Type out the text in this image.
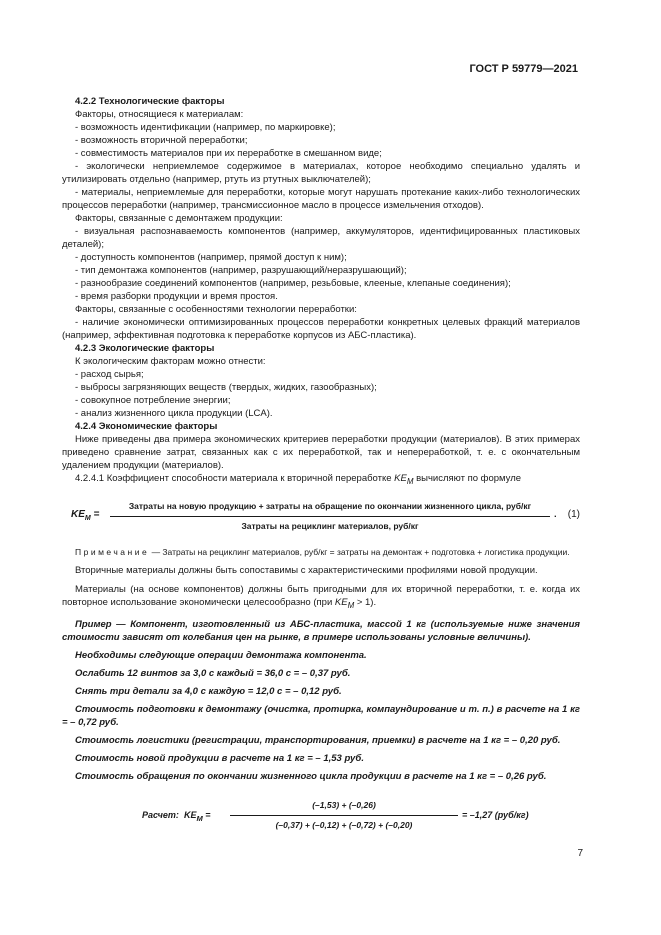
ГОСТ Р 59779—2021

4.2.2 Технологические факторы

Факторы, относящиеся к материалам:

- возможность идентификации (например, по маркировке);

- возможность вторичной переработки;

- совместимость материалов при их переработке в смешанном виде;

- экологически неприемлемое содержимое в материалах, которое необходимо специально удалять и утилизировать отдельно (например, ртуть из ртутных выключателей);

- материалы, неприемлемые для переработки, которые могут нарушать протекание каких-либо технологических процессов переработки (например, трансмиссионное масло в процессе измельчения отходов).

Факторы, связанные с демонтажем продукции:

- визуальная распознаваемость компонентов (например, аккумуляторов, идентифицированных пластиковых деталей);

- доступность компонентов (например, прямой доступ к ним);

- тип демонтажа компонентов (например, разрушающий/неразрушающий);

- разнообразие соединений компонентов (например, резьбовые, клееные, клепаные соединения);

- время разборки продукции и время простоя.

Факторы, связанные с особенностями технологии переработки:

- наличие экономически оптимизированных процессов переработки конкретных целевых фракций материалов (например, эффективная подготовка к переработке корпусов из АБС-пластика).

4.2.3 Экологические факторы

К экологическим факторам можно отнести:

- расход сырья;

- выбросы загрязняющих веществ (твердых, жидких, газообразных);

- совокупное потребление энергии;

- анализ жизненного цикла продукции (LCA).

4.2.4 Экономические факторы

Ниже приведены два примера экономических критериев переработки продукции (материалов). В этих примерах приведено сравнение затрат, связанных как с их переработкой, так и непереработкой, т. е. с окончательным удалением продукции (материалов).

4.2.4.1 Коэффициент способности материала к вторичной переработке $KE_M$ вычисляют по формуле

$KE_M$ =
Затраты на новую продукцию + затраты на обращение по окончании жизненного цикла, руб/кг
Затраты на рециклинг материалов, руб/кг
. (1)

Примечание — Затраты на рециклинг материалов, руб/кг = затраты на демонтаж + подготовка + логистика продукции.

Вторичные материалы должны быть сопоставимы с характеристическими профилями новой продукции.

Материалы (на основе компонентов) должны быть пригодными для их вторичной переработки, т. е. когда их повторное использование экономически целесообразно (при $KE_M > 1$).

Пример — Компонент, изготовленный из АБС-пластика, массой 1 кг (используемые ниже значения стоимости зависят от колебания цен на рынке, в примере использованы условные величины).

Необходимы следующие операции демонтажа компонента.

Ослабить 12 винтов за 3,0 с каждый = 36,0 с = – 0,37 руб.

Снять три детали за 4,0 с каждую = 12,0 с = – 0,12 руб.

Стоимость подготовки к демонтажу (очистка, протирка, компаундирование и т. п.) в расчете на 1 кг = – 0,72 руб.

Стоимость логистики (регистрации, транспортирования, приемки) в расчете на 1 кг = – 0,20 руб.

Стоимость новой продукции в расчете на 1 кг = – 1,53 руб.

Стоимость обращения по окончании жизненного цикла продукции в расчете на 1 кг = – 0,26 руб.

Расчет: $KE_M = \frac{(-1,53) + (-0,26)}{(-0,37) + (-0,12) + (-0,72) + (-0,20)} = -1,27$ (руб/кг)
7
